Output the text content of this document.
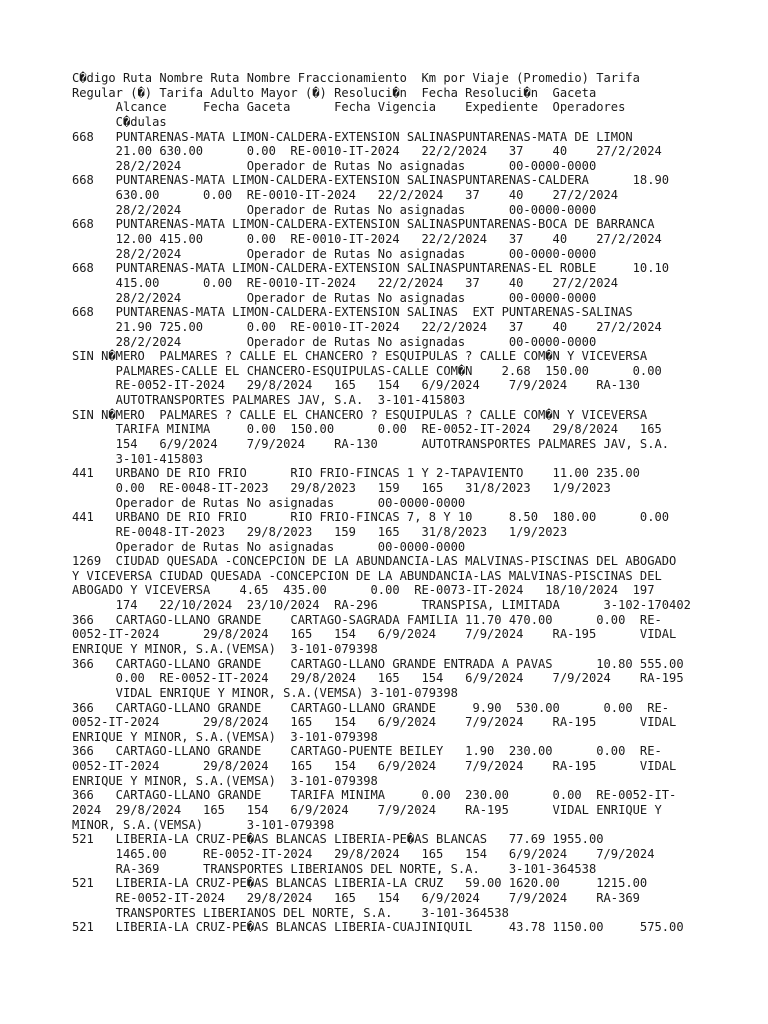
C�digo Ruta Nombre Ruta Nombre Fraccionamiento  Km por Viaje (Promedio) Tarifa
Regular (�) Tarifa Adulto Mayor (�) Resoluci�n  Fecha Resoluci�n  Gaceta
Alcance     Fecha Gaceta      Fecha Vigencia    Expediente  Operadores
C�dulas
668   PUNTARENAS-MATA LIMON-CALDERA-EXTENSION SALINASPUNTARENAS-MATA DE LIMON
21.00 630.00      0.00  RE-0010-IT-2024   22/2/2024   37    40    27/2/2024
28/2/2024         Operador de Rutas No asignadas      00-0000-0000
668   PUNTARENAS-MATA LIMON-CALDERA-EXTENSION SALINASPUNTARENAS-CALDERA      18.90
630.00      0.00  RE-0010-IT-2024   22/2/2024   37    40    27/2/2024
28/2/2024         Operador de Rutas No asignadas      00-0000-0000
668   PUNTARENAS-MATA LIMON-CALDERA-EXTENSION SALINASPUNTARENAS-BOCA DE BARRANCA
12.00 415.00      0.00  RE-0010-IT-2024   22/2/2024   37    40    27/2/2024
28/2/2024         Operador de Rutas No asignadas      00-0000-0000
668   PUNTARENAS-MATA LIMON-CALDERA-EXTENSION SALINASPUNTARENAS-EL ROBLE     10.10
415.00      0.00  RE-0010-IT-2024   22/2/2024   37    40    27/2/2024
28/2/2024         Operador de Rutas No asignadas      00-0000-0000
668   PUNTARENAS-MATA LIMON-CALDERA-EXTENSION SALINAS  EXT PUNTARENAS-SALINAS
21.90 725.00      0.00  RE-0010-IT-2024   22/2/2024   37    40    27/2/2024
28/2/2024         Operador de Rutas No asignadas      00-0000-0000
SIN N�MERO  PALMARES ? CALLE EL CHANCERO ? ESQUIPULAS ? CALLE COM�N Y VICEVERSA
PALMARES-CALLE EL CHANCERO-ESQUIPULAS-CALLE COM�N    2.68  150.00      0.00
RE-0052-IT-2024   29/8/2024   165   154   6/9/2024    7/9/2024    RA-130
AUTOTRANSPORTES PALMARES JAV, S.A.  3-101-415803
SIN N�MERO  PALMARES ? CALLE EL CHANCERO ? ESQUIPULAS ? CALLE COM�N Y VICEVERSA
TARIFA MINIMA     0.00  150.00      0.00  RE-0052-IT-2024   29/8/2024   165
154   6/9/2024    7/9/2024    RA-130      AUTOTRANSPORTES PALMARES JAV, S.A.
3-101-415803
441   URBANO DE RIO FRIO      RIO FRIO-FINCAS 1 Y 2-TAPAVIENTO    11.00 235.00
0.00  RE-0048-IT-2023   29/8/2023   159   165   31/8/2023   1/9/2023
Operador de Rutas No asignadas      00-0000-0000
441   URBANO DE RIO FRIO      RIO FRIO-FINCAS 7, 8 Y 10     8.50  180.00      0.00
RE-0048-IT-2023   29/8/2023   159   165   31/8/2023   1/9/2023
Operador de Rutas No asignadas      00-0000-0000
1269  CIUDAD QUESADA -CONCEPCION DE LA ABUNDANCIA-LAS MALVINAS-PISCINAS DEL ABOGADO
Y VICEVERSA CIUDAD QUESADA -CONCEPCION DE LA ABUNDANCIA-LAS MALVINAS-PISCINAS DEL
ABOGADO Y VICEVERSA    4.65  435.00      0.00  RE-0073-IT-2024   18/10/2024  197
174   22/10/2024  23/10/2024  RA-296      TRANSPISA, LIMITADA      3-102-170402
366   CARTAGO-LLANO GRANDE    CARTAGO-SAGRADA FAMILIA 11.70 470.00      0.00  RE-
0052-IT-2024      29/8/2024   165   154   6/9/2024    7/9/2024    RA-195      VIDAL
ENRIQUE Y MINOR, S.A.(VEMSA)  3-101-079398
366   CARTAGO-LLANO GRANDE    CARTAGO-LLANO GRANDE ENTRADA A PAVAS      10.80 555.00
0.00  RE-0052-IT-2024   29/8/2024   165   154   6/9/2024    7/9/2024    RA-195
VIDAL ENRIQUE Y MINOR, S.A.(VEMSA) 3-101-079398
366   CARTAGO-LLANO GRANDE    CARTAGO-LLANO GRANDE     9.90  530.00      0.00  RE-
0052-IT-2024      29/8/2024   165   154   6/9/2024    7/9/2024    RA-195      VIDAL
ENRIQUE Y MINOR, S.A.(VEMSA)  3-101-079398
366   CARTAGO-LLANO GRANDE    CARTAGO-PUENTE BEILEY   1.90  230.00      0.00  RE-
0052-IT-2024      29/8/2024   165   154   6/9/2024    7/9/2024    RA-195      VIDAL
ENRIQUE Y MINOR, S.A.(VEMSA)  3-101-079398
366   CARTAGO-LLANO GRANDE    TARIFA MINIMA     0.00  230.00      0.00  RE-0052-IT-
2024  29/8/2024   165   154   6/9/2024    7/9/2024    RA-195      VIDAL ENRIQUE Y
MINOR, S.A.(VEMSA)      3-101-079398
521   LIBERIA-LA CRUZ-PE�AS BLANCAS LIBERIA-PE�AS BLANCAS   77.69 1955.00
1465.00     RE-0052-IT-2024   29/8/2024   165   154   6/9/2024    7/9/2024
RA-369      TRANSPORTES LIBERIANOS DEL NORTE, S.A.    3-101-364538
521   LIBERIA-LA CRUZ-PE�AS BLANCAS LIBERIA-LA CRUZ   59.00 1620.00     1215.00
RE-0052-IT-2024   29/8/2024   165   154   6/9/2024    7/9/2024    RA-369
TRANSPORTES LIBERIANOS DEL NORTE, S.A.    3-101-364538
521   LIBERIA-LA CRUZ-PE�AS BLANCAS LIBERIA-CUAJINIQUIL     43.78 1150.00     575.00
